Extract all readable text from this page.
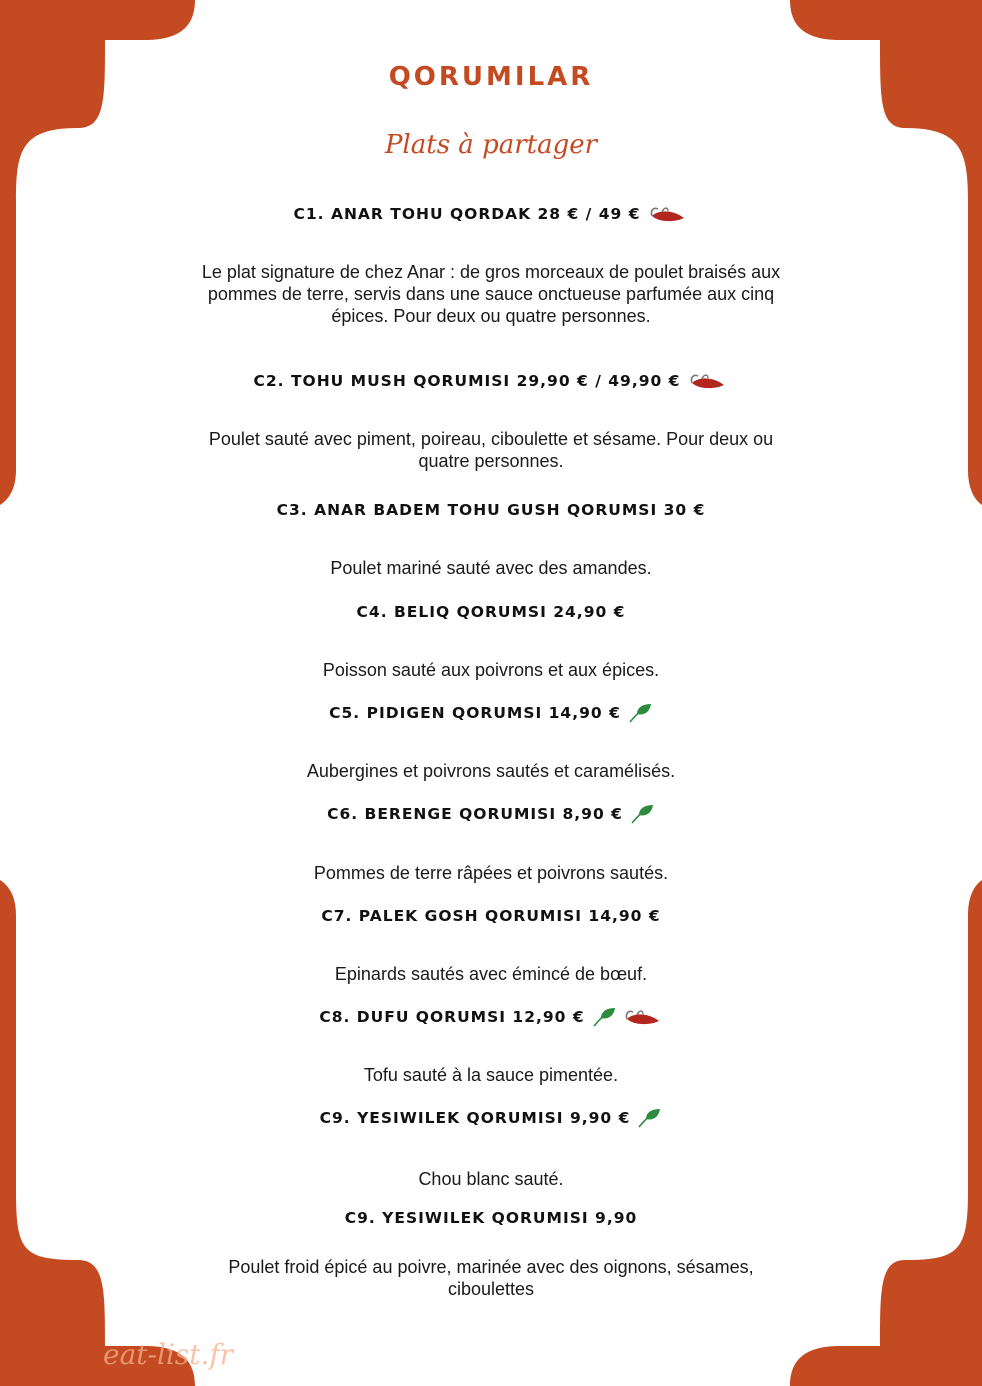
QORUMILAR
Plats à partager
C1. ANAR TOHU QORDAK 28 € / 49 €
Le plat signature de chez Anar : de gros morceaux de poulet braisés aux pommes de terre, servis dans une sauce onctueuse parfumée aux cinq épices. Pour deux ou quatre personnes.
C2. TOHU MUSH QORUMISI 29,90 € / 49,90 €
Poulet sauté avec piment, poireau, ciboulette et sésame. Pour deux ou quatre personnes.
C3. ANAR BADEM TOHU GUSH QORUMSI 30 €
Poulet mariné sauté avec des amandes.
C4. BELIQ QORUMSI 24,90 €
Poisson sauté aux poivrons et aux épices.
C5. PIDIGEN QORUMSI 14,90 €
Aubergines et poivrons sautés et caramélisés.
C6. BERENGE QORUMISI 8,90 €
Pommes de terre râpées et poivrons sautés.
C7. PALEK GOSH QORUMISI 14,90 €
Epinards sautés avec émincé de bœuf.
C8. DUFU QORUMSI 12,90 €
Tofu sauté à la sauce pimentée.
C9. YESIWILEK QORUMISI 9,90 €
Chou blanc sauté.
C9. YESIWILEK QORUMISI 9,90
Poulet froid épicé au poivre, marinée avec des oignons, sésames, ciboulettes
eat-list.fr
